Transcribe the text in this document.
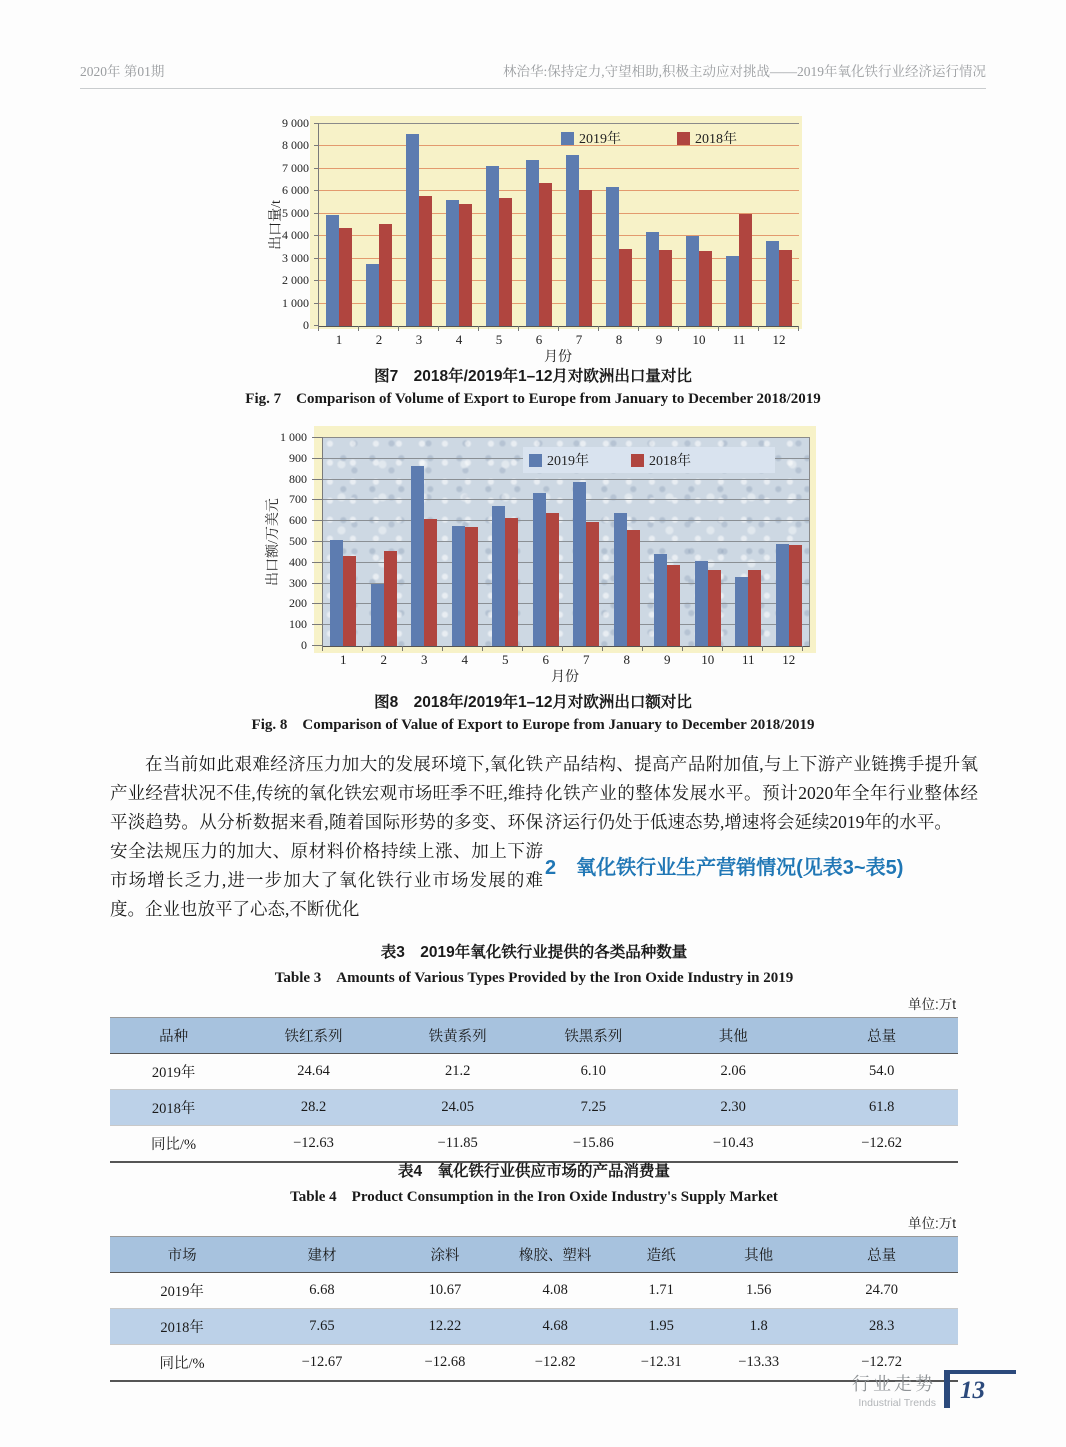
2020年 第01期	林治华:保持定力,守望相助,积极主动应对挑战——2019年氧化铁行业经济运行情况
出口量/t
0
1 000
2 000
3 000
4 000
5 000
6 000
7 000
8 000
9 000
1	2	3	4	5	6	7	8	9	10	11	12
2019年	2018年
月份
图7　2018年/2019年1–12月对欧洲出口量对比
Fig. 7　Comparison of Volume of Export to Europe from January to December 2018/2019
出口额/万美元
0
100
200
300
400
500
600
700
800
900
1 000
1	2	3	4	5	6	7	8	9	10	11	12
2019年	2018年
月份
图8　2018年/2019年1–12月对欧洲出口额对比
Fig. 8　Comparison of Value of Export to Europe from January to December 2018/2019
在当前如此艰难经济压力加大的发展环境下,氧化铁产业经营状况不佳,传统的氧化铁宏观市场旺季不旺,维持平淡趋势。从分析数据来看,随着国际形势的多变、环保安全法规压力的加大、原材料价格持续上涨、加上下游市场增长乏力,进一步加大了氧化铁行业市场发展的难度。企业也放平了心态,不断优化
产品结构、提高产品附加值,与上下游产业链携手提升氧化铁产业的整体发展水平。预计2020年全年行业整体经济运行仍处于低速态势,增速将会延续2019年的水平。
2　氧化铁行业生产营销情况(见表3~表5)
表3　2019年氧化铁行业提供的各类品种数量
Table 3　Amounts of Various Types Provided by the Iron Oxide Industry in 2019
单位:万t
品种	铁红系列	铁黄系列	铁黑系列	其他	总量
2019年	24.64	21.2	6.10	2.06	54.0
2018年	28.2	24.05	7.25	2.30	61.8
同比/%	−12.63	−11.85	−15.86	−10.43	−12.62
表4　氧化铁行业供应市场的产品消费量
Table 4　Product Consumption in the Iron Oxide Industry's Supply Market
单位:万t
市场	建材	涂料	橡胶、塑料	造纸	其他	总量
2019年	6.68	10.67	4.08	1.71	1.56	24.70
2018年	7.65	12.22	4.68	1.95	1.8	28.3
同比/%	−12.67	−12.68	−12.82	−12.31	−13.33	−12.72
行业走势
Industrial Trends 13
